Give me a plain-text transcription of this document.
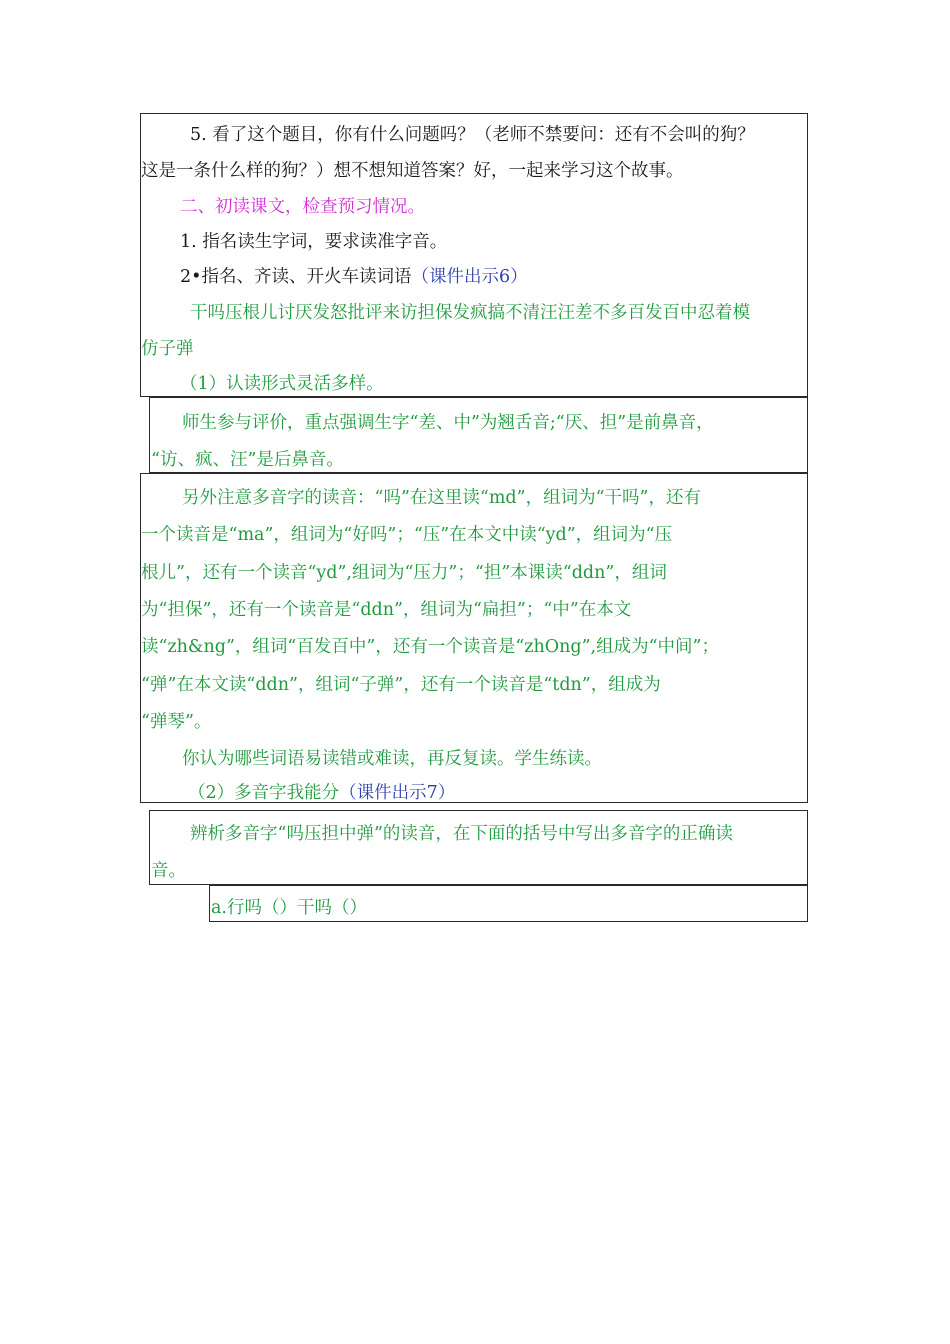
5. 看了这个题目，你有什么问题吗？（老师不禁要问：还有不会叫的狗？
这是一条什么样的狗？）想不想知道答案？好，一起来学习这个故事。
二、初读课文，检查预习情况。
1. 指名读生字词，要求读准字音。
2•指名、齐读、开火车读词语（课件出示6）
干吗压根儿讨厌发怒批评来访担保发疯搞不清汪汪差不多百发百中忍着模
仿子弹
（1）认读形式灵活多样。
师生参与评价，重点强调生字“差、中”为翘舌音;“厌、担”是前鼻音，
“访、疯、汪”是后鼻音。
另外注意多音字的读音：“吗”在这里读“md”，组词为“干吗”，还有
一个读音是“ma”，组词为“好吗”；“压”在本文中读“yd”，组词为“压
根儿”，还有一个读音“yd”,组词为“压力”；“担”本课读“ddn”，组词
为“担保”，还有一个读音是“ddn”，组词为“扁担”；“中”在本文
读“zh&ng”，组词“百发百中”，还有一个读音是“zhOng”,组成为“中间”；
“弹”在本文读“ddn”，组词“子弹”，还有一个读音是“tdn”，组成为
“弹琴”。
你认为哪些词语易读错或难读，再反复读。学生练读。
（2）多音字我能分（课件出示7）
辨析多音字“吗压担中弹”的读音，在下面的括号中写出多音字的正确读
音。
a.行吗（）干吗（）
